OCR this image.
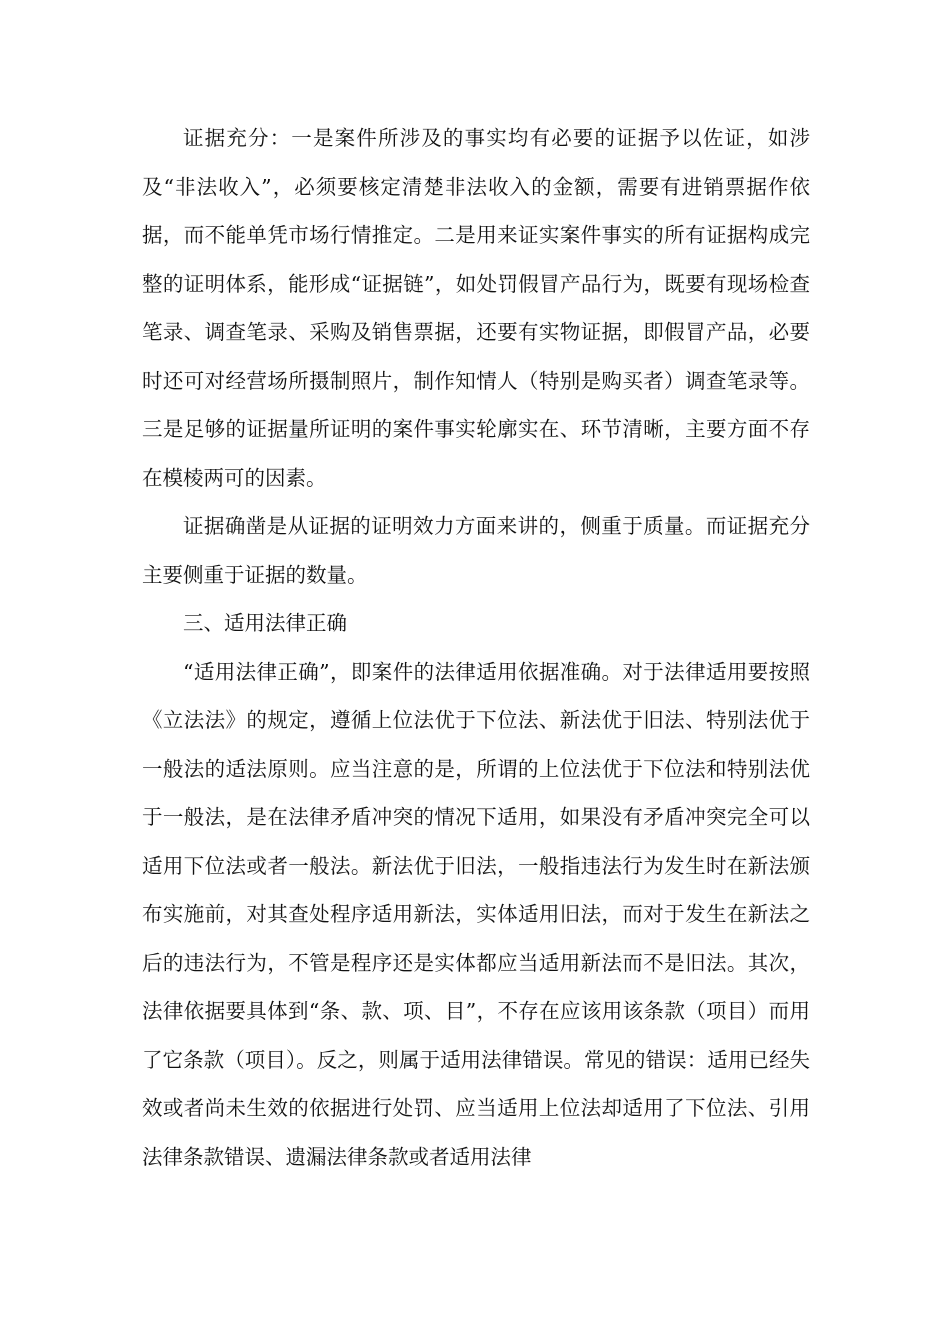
证据充分：一是案件所涉及的事实均有必要的证据予以佐证，如涉及“非法收入”，必须要核定清楚非法收入的金额，需要有进销票据作依据，而不能单凭市场行情推定。二是用来证实案件事实的所有证据构成完整的证明体系，能形成“证据链”，如处罚假冒产品行为，既要有现场检查笔录、调查笔录、采购及销售票据，还要有实物证据，即假冒产品，必要时还可对经营场所摄制照片，制作知情人（特别是购买者）调查笔录等。三是足够的证据量所证明的案件事实轮廓实在、环节清晰，主要方面不存在模棱两可的因素。

证据确凿是从证据的证明效力方面来讲的，侧重于质量。而证据充分主要侧重于证据的数量。

三、适用法律正确

“适用法律正确”，即案件的法律适用依据准确。对于法律适用要按照《立法法》的规定，遵循上位法优于下位法、新法优于旧法、特别法优于一般法的适法原则。应当注意的是，所谓的上位法优于下位法和特别法优于一般法，是在法律矛盾冲突的情况下适用，如果没有矛盾冲突完全可以适用下位法或者一般法。新法优于旧法，一般指违法行为发生时在新法颁布实施前，对其查处程序适用新法，实体适用旧法，而对于发生在新法之后的违法行为，不管是程序还是实体都应当适用新法而不是旧法。其次，法律依据要具体到“条、款、项、目”，不存在应该用该条款（项目）而用了它条款（项目）。反之，则属于适用法律错误。常见的错误：适用已经失效或者尚未生效的依据进行处罚、应当适用上位法却适用了下位法、引用法律条款错误、遗漏法律条款或者适用法律
